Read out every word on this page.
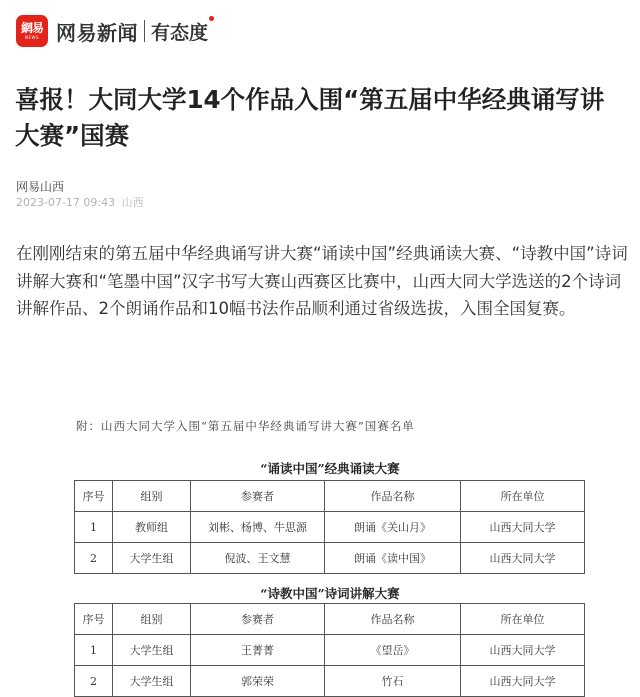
網易
NEWS 网易新闻 有态度
喜报！大同大学14个作品入围“第五届中华经典诵写讲大赛”国赛
网易山西
2023-07-17 09:43 山西

在刚刚结束的第五届中华经典诵写讲大赛“诵读中国”经典诵读大赛、“诗教中国”诗词讲解大赛和“笔墨中国”汉字书写大赛山西赛区比赛中，山西大同大学选送的2个诗词讲解作品、2个朗诵作品和10幅书法作品顺利通过省级选拔，入围全国复赛。

附：山西大同大学入围“第五届中华经典诵写讲大赛”国赛名单
“诵读中国”经典诵读大赛
序号	组别	参赛者	作品名称	所在单位
1	教师组	刘彬、杨博、牛思源	朗诵《关山月》	山西大同大学
2	大学生组	倪波、王文慧	朗诵《读中国》	山西大同大学
“诗教中国”诗词讲解大赛
序号	组别	参赛者	作品名称	所在单位
1	大学生组	王菁菁	《望岳》	山西大同大学
2	大学生组	郭荣荣	竹石	山西大同大学
